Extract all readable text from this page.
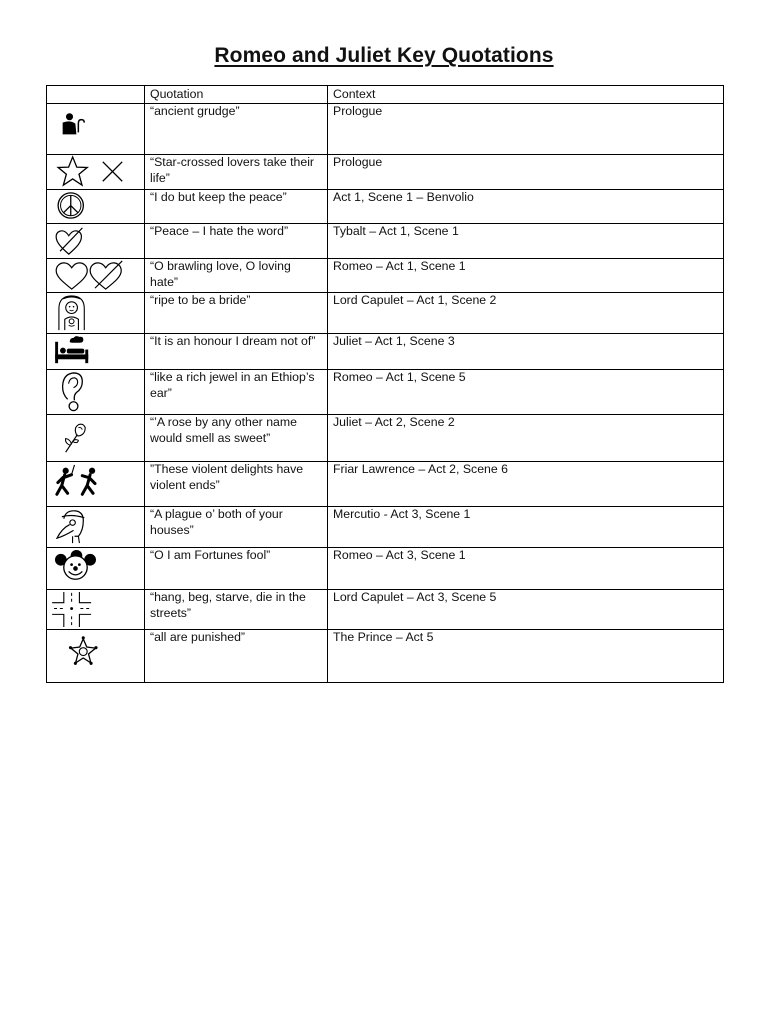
Romeo and Juliet Key Quotations
	Quotation	Context

	“ancient grudge”	Prologue

	“Star-crossed lovers take their life”	Prologue

	“I do but keep the peace”	Act 1, Scene 1 – Benvolio

	“Peace – I hate the word”	Tybalt – Act 1, Scene 1

	“O brawling love, O loving hate”	Romeo – Act 1, Scene 1

	“ripe to be a bride”	Lord Capulet – Act 1, Scene 2

	“It is an honour I dream not of”	Juliet – Act 1, Scene 3

	“like a rich jewel in an Ethiop’s ear”	Romeo – Act 1, Scene 5

	“’A rose by any other name would smell as sweet”	Juliet – Act 2, Scene 2

	”These violent delights have violent ends”	Friar Lawrence – Act 2, Scene 6

	“A plague o’ both of your houses”	Mercutio - Act 3, Scene 1

	“O I am Fortunes fool”	Romeo – Act 3, Scene 1

	“hang, beg, starve, die in the streets”	Lord Capulet – Act 3, Scene 5

	“all are punished”	The Prince – Act 5
